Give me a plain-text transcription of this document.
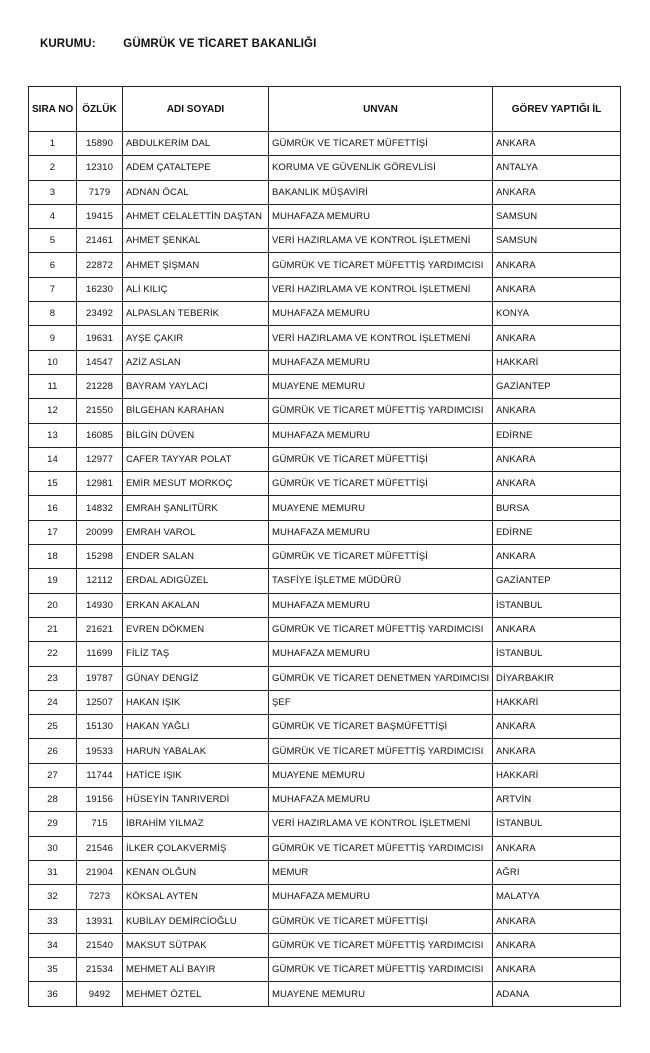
KURUMU: GÜMRÜK VE TİCARET BAKANLIĞI
SIRA NO	ÖZLÜK	ADI SOYADI	UNVAN	GÖREV YAPTIĞI İL
1	15890	ABDULKERİM DAL	GÜMRÜK VE TİCARET MÜFETTİŞİ	ANKARA
2	12310	ADEM ÇATALTEPE	KORUMA VE GÜVENLİK GÖREVLİSİ	ANTALYA
3	7179	ADNAN ÖCAL	BAKANLIK MÜŞAVİRİ	ANKARA
4	19415	AHMET CELALETTİN DAŞTAN	MUHAFAZA MEMURU	SAMSUN
5	21461	AHMET ŞENKAL	VERİ HAZIRLAMA VE KONTROL İŞLETMENİ	SAMSUN
6	22872	AHMET ŞİŞMAN	GÜMRÜK VE TİCARET MÜFETTİŞ YARDIMCISI	ANKARA
7	16230	ALİ KILIÇ	VERİ HAZIRLAMA VE KONTROL İŞLETMENİ	ANKARA
8	23492	ALPASLAN TEBERİK	MUHAFAZA MEMURU	KONYA
9	19631	AYŞE ÇAKIR	VERİ HAZIRLAMA VE KONTROL İŞLETMENİ	ANKARA
10	14547	AZİZ ASLAN	MUHAFAZA MEMURU	HAKKARİ
11	21228	BAYRAM YAYLACI	MUAYENE MEMURU	GAZİANTEP
12	21550	BİLGEHAN KARAHAN	GÜMRÜK VE TİCARET MÜFETTİŞ YARDIMCISI	ANKARA
13	16085	BİLGİN DÜVEN	MUHAFAZA MEMURU	EDİRNE
14	12977	CAFER TAYYAR POLAT	GÜMRÜK VE TİCARET MÜFETTİŞİ	ANKARA
15	12981	EMİR MESUT MORKOÇ	GÜMRÜK VE TİCARET MÜFETTİŞİ	ANKARA
16	14832	EMRAH ŞANLITÜRK	MUAYENE MEMURU	BURSA
17	20099	EMRAH VAROL	MUHAFAZA MEMURU	EDİRNE
18	15298	ENDER SALAN	GÜMRÜK VE TİCARET MÜFETTİŞİ	ANKARA
19	12112	ERDAL ADIGÜZEL	TASFİYE İŞLETME MÜDÜRÜ	GAZİANTEP
20	14930	ERKAN AKALAN	MUHAFAZA MEMURU	İSTANBUL
21	21621	EVREN DÖKMEN	GÜMRÜK VE TİCARET MÜFETTİŞ YARDIMCISI	ANKARA
22	11699	FİLİZ TAŞ	MUHAFAZA MEMURU	İSTANBUL
23	19787	GÜNAY DENGİZ	GÜMRÜK VE TİCARET DENETMEN YARDIMCISI	DİYARBAKIR
24	12507	HAKAN IŞIK	ŞEF	HAKKARİ
25	15130	HAKAN YAĞLI	GÜMRÜK VE TİCARET BAŞMÜFETTİŞİ	ANKARA
26	19533	HARUN YABALAK	GÜMRÜK VE TİCARET MÜFETTİŞ YARDIMCISI	ANKARA
27	11744	HATİCE IŞIK	MUAYENE MEMURU	HAKKARİ
28	19156	HÜSEYİN TANRIVERDİ	MUHAFAZA MEMURU	ARTVİN
29	715	İBRAHİM YILMAZ	VERİ HAZIRLAMA VE KONTROL İŞLETMENİ	İSTANBUL
30	21546	İLKER ÇOLAKVERMİŞ	GÜMRÜK VE TİCARET MÜFETTİŞ YARDIMCISI	ANKARA
31	21904	KENAN OLĞUN	MEMUR	AĞRI
32	7273	KÖKSAL AYTEN	MUHAFAZA MEMURU	MALATYA
33	13931	KUBİLAY DEMİRCİOĞLU	GÜMRÜK VE TİCARET MÜFETTİŞİ	ANKARA
34	21540	MAKSUT SÜTPAK	GÜMRÜK VE TİCARET MÜFETTİŞ YARDIMCISI	ANKARA
35	21534	MEHMET ALİ BAYIR	GÜMRÜK VE TİCARET MÜFETTİŞ YARDIMCISI	ANKARA
36	9492	MEHMET ÖZTEL	MUAYENE MEMURU	ADANA
